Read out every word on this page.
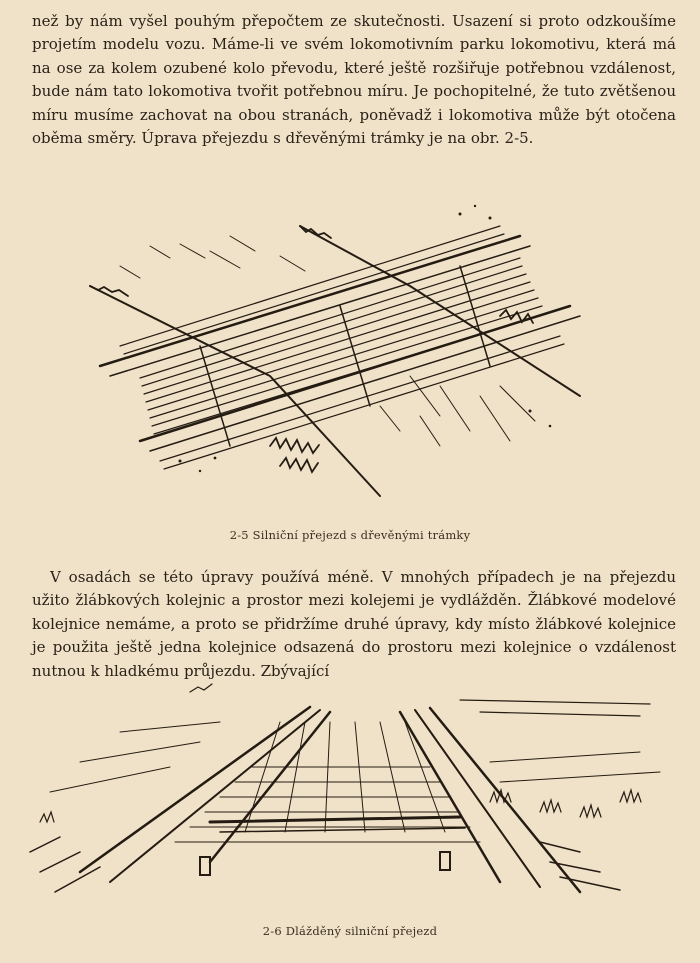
než by nám vyšel pouhým přepočtem ze skutečnosti. Usazení si proto odzkoušíme projetím modelu vozu. Máme-li ve svém lokomotivním parku lokomotivu, která má na ose za kolem ozubené kolo převodu, které ještě rozšiřuje potřebnou vzdálenost, bude nám tato lokomotiva tvořit potřebnou míru. Je pochopitelné, že tuto zvětšenou míru musíme zachovat na obou stranách, poněvadž i lokomotiva může být otočena oběma směry. Úprava přejezdu s dřevěnými trámky je na obr. 2-5.

2-5 Silniční přejezd s dřevěnými trámky

V osadách se této úpravy používá méně. V mnohých případech je na přejezdu užito žlábkových kolejnic a prostor mezi kolejemi je vydlážděn. Žlábkové modelové kolejnice nemáme, a proto se přidržíme druhé úpravy, kdy místo žlábkové kolejnice je použita ještě jedna kolejnice odsazená do prostoru mezi kolejnice o vzdálenost nutnou k hladkému průjezdu. Zbývající

2-6 Dlážděný silniční přejezd
